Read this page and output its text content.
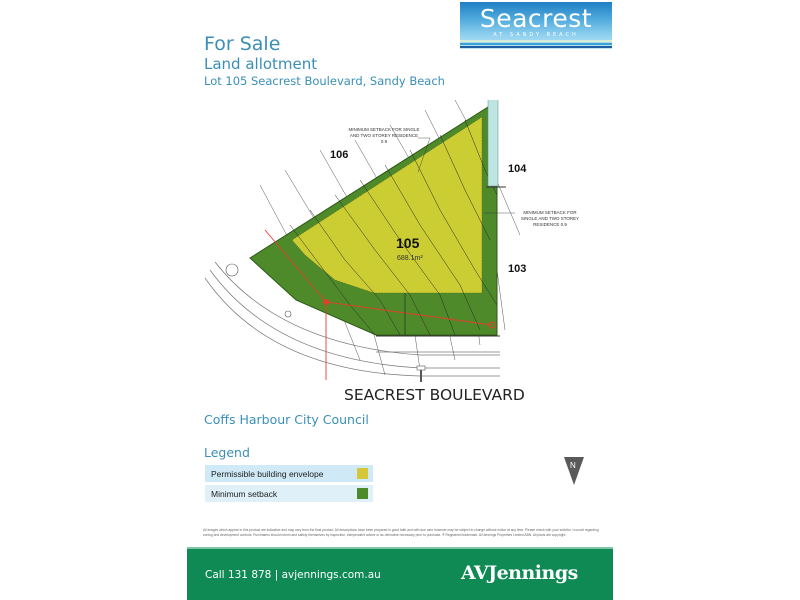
Seacrest
AT SANDY BEACH
For Sale
Land allotment
Lot 105 Seacrest Boulevard, Sandy Beach
106
104
103
105
688.1m²
MINIMUM SETBACK FOR SINGLE AND TWO STOREY RESIDENCE 0.9
MINIMUM SETBACK FOR SINGLE AND TWO STOREY RESIDENCE 0.9
SEACREST BOULEVARD
Coffs Harbour City Council
Legend
Permissible building envelope
Minimum setback
N
All images which appear in this product are indicative and may vary from the final product. All descriptions have been prepared in good faith and with due care however may be subject to change without notice at any time. Please check with your solicitor / council regarding zoning and development controls. Purchasers should inform and satisfy themselves by inspection, independent advice or as otherwise necessary prior to purchase. ® Registered trademark. AVJennings Properties Limited ABN. All plans are copyright.
Call 131 878 | avjennings.com.au	AVJennings
